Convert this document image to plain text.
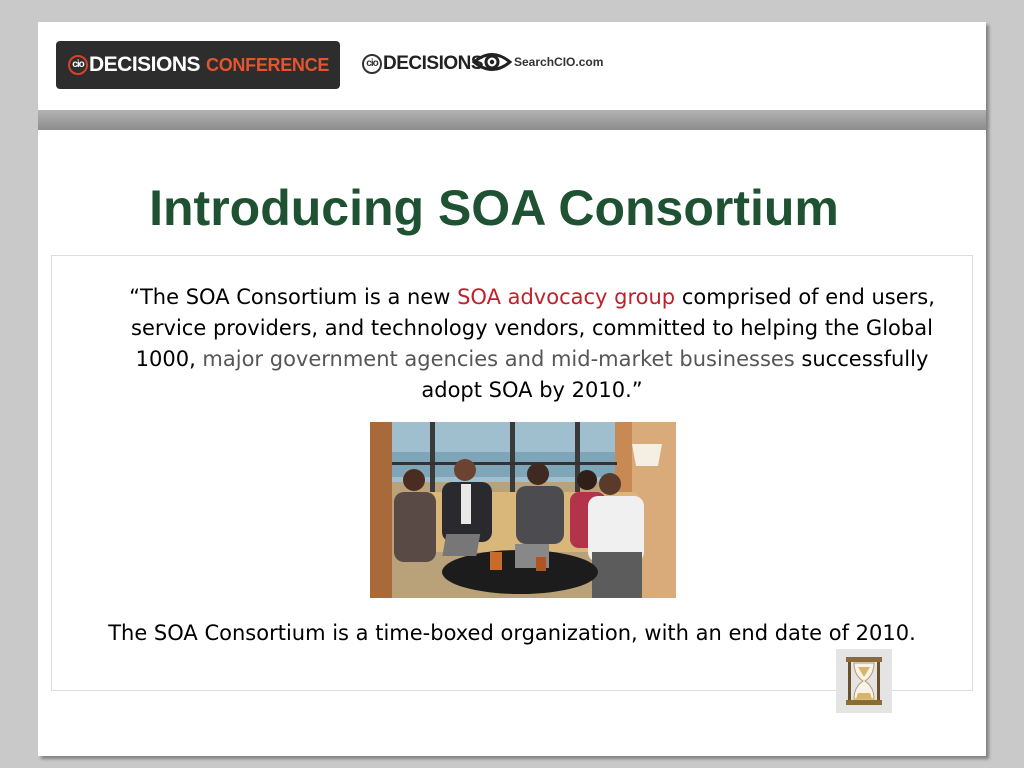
cio DECISIONS CONFERENCE	cio DECISIONS	SearchCIO.com
Introducing SOA Consortium

“The SOA Consortium is a new SOA advocacy group comprised of end users, service providers, and technology vendors, committed to helping the Global 1000, major government agencies and mid-market businesses successfully adopt SOA by 2010.”

The SOA Consortium is a time-boxed organization, with an end date of 2010.
